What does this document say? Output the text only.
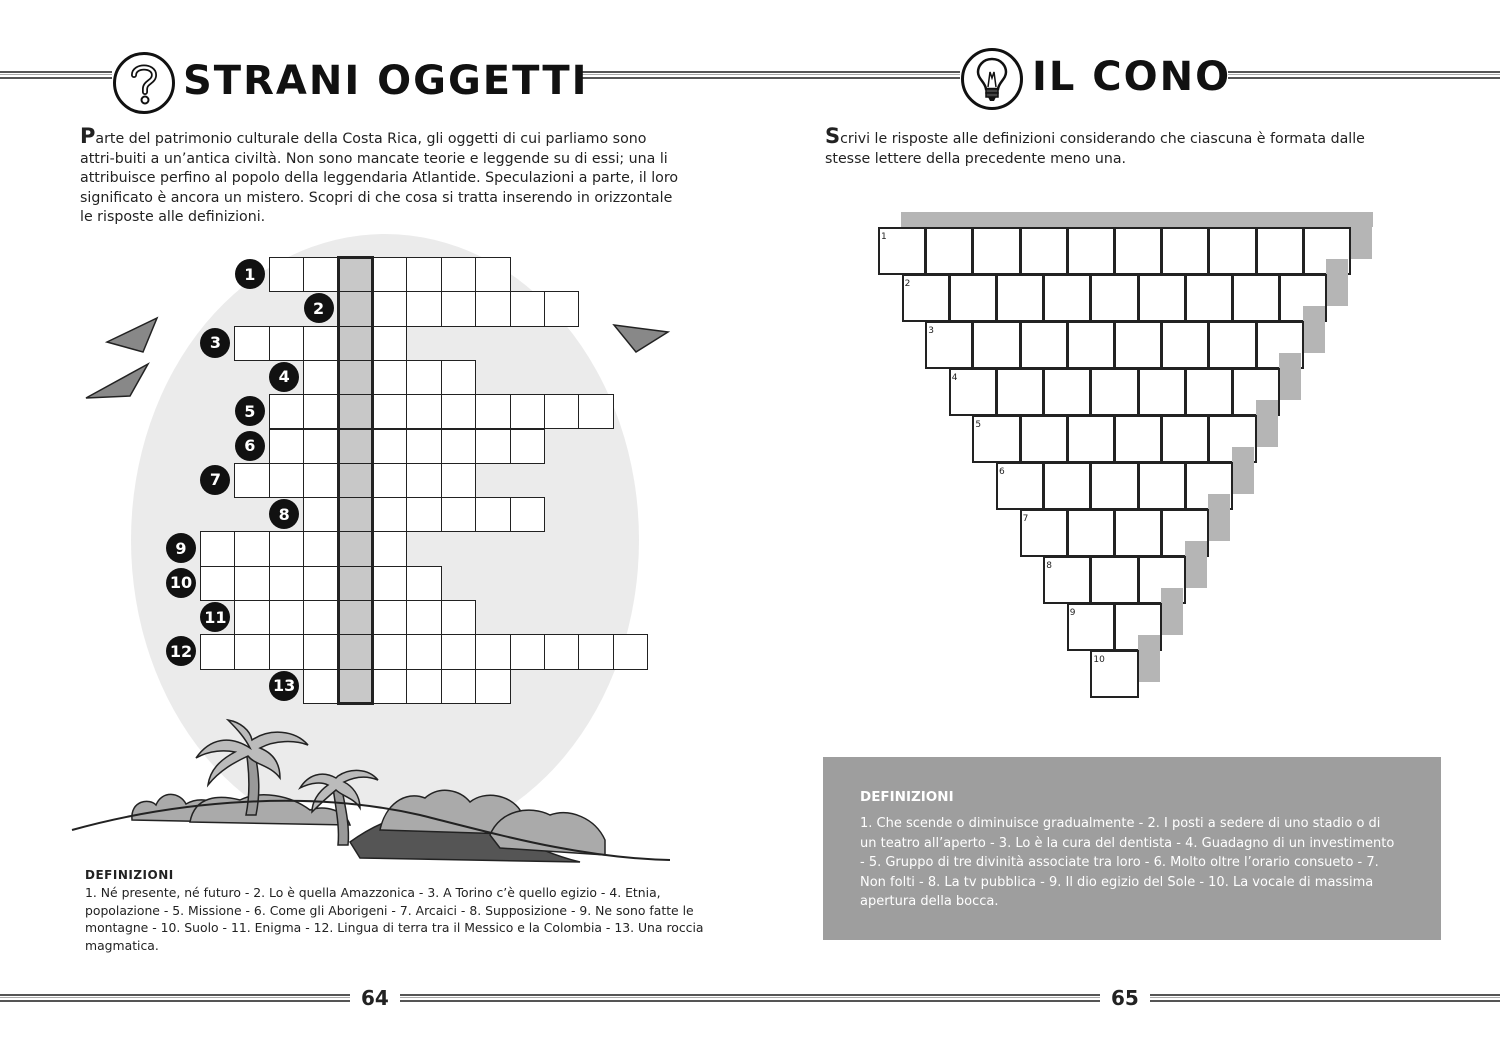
STRANI OGGETTI
Parte del patrimonio culturale della Costa Rica, gli oggetti di cui parliamo sono attri-buiti a un’antica civiltà. Non sono mancate teorie e leggende su di essi; una li attribuisce perfino al popolo della leggendaria Atlantide. Speculazioni a parte, il loro significato è ancora un mistero. Scopri di che cosa si tratta inserendo in orizzontale le risposte alle definizioni.
1
2
3
4
5
6
7
8
9
10
11
12
13
DEFINIZIONI
1. Né presente, né futuro - 2. Lo è quella Amazzonica - 3. A Torino c’è quello egizio - 4. Etnia, popolazione - 5. Missione - 6. Come gli Aborigeni - 7. Arcaici - 8. Supposizione - 9. Ne sono fatte le montagne - 10. Suolo - 11. Enigma - 12. Lingua di terra tra il Messico e la Colombia - 13. Una roccia magmatica.
64
IL CONO
Scrivi le risposte alle definizioni considerando che ciascuna è formata dalle stesse lettere della precedente meno una.
1
2
3
4
5
6
7
8
9
10
65
DEFINIZIONI
1. Che scende o diminuisce gradualmente - 2. I posti a sedere di uno stadio o di un teatro all’aperto - 3. Lo è la cura del dentista - 4. Guadagno di un investimento - 5. Gruppo di tre divinità associate tra loro - 6. Molto oltre l’orario consueto - 7. Non folti - 8. La tv pubblica - 9. Il dio egizio del Sole - 10. La vocale di massima apertura della bocca.
